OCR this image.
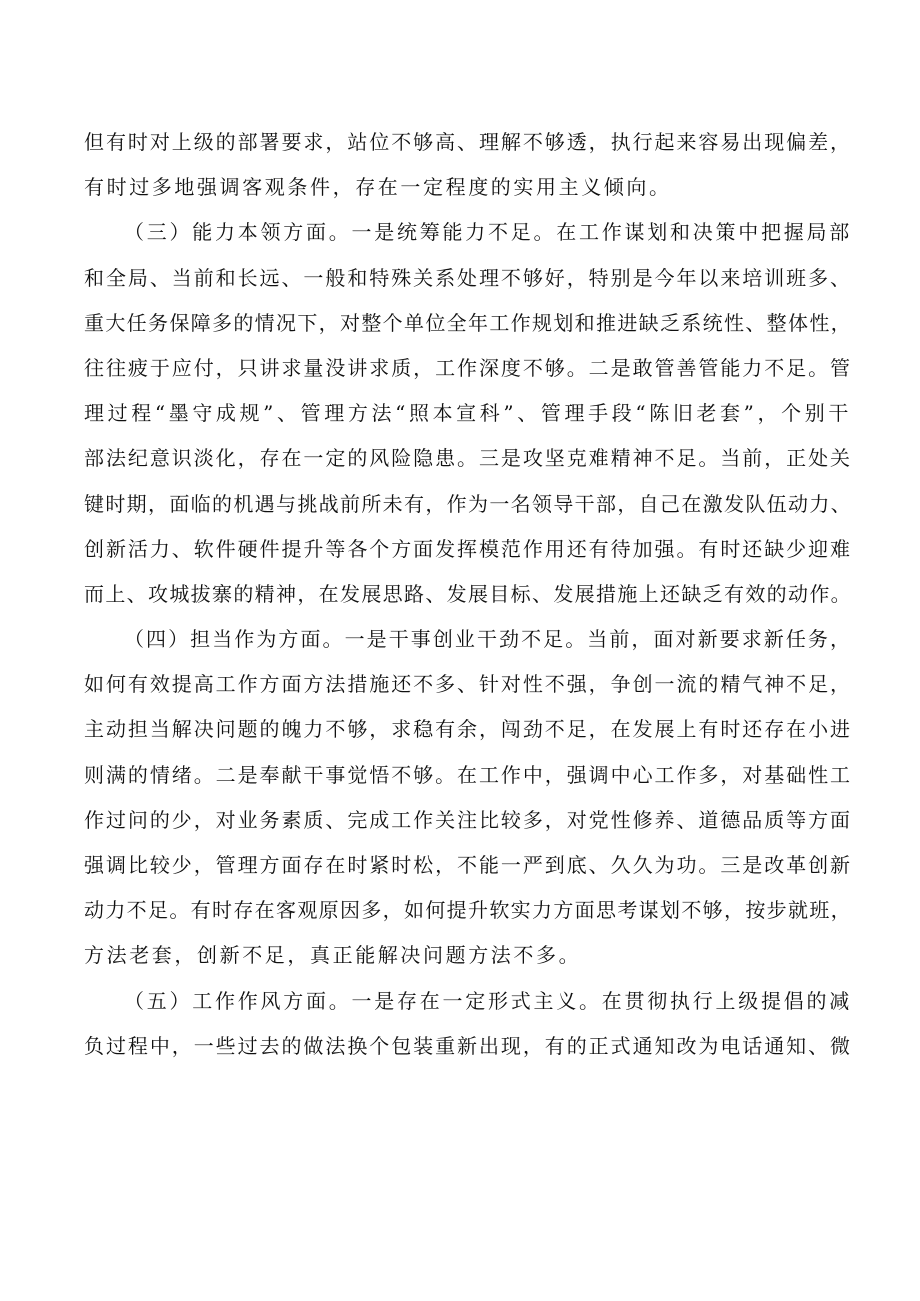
但有时对上级的部署要求，站位不够高、理解不够透，执行起来容易出现偏差，
有时过多地强调客观条件，存在一定程度的实用主义倾向。
（三）能力本领方面。一是统筹能力不足。在工作谋划和决策中把握局部
和全局、当前和长远、一般和特殊关系处理不够好，特别是今年以来培训班多、
重大任务保障多的情况下，对整个单位全年工作规划和推进缺乏系统性、整体性，
往往疲于应付，只讲求量没讲求质，工作深度不够。二是敢管善管能力不足。管
理过程“墨守成规”、管理方法“照本宣科”、管理手段“陈旧老套”，个别干
部法纪意识淡化，存在一定的风险隐患。三是攻坚克难精神不足。当前，正处关
键时期，面临的机遇与挑战前所未有，作为一名领导干部，自己在激发队伍动力、
创新活力、软件硬件提升等各个方面发挥模范作用还有待加强。有时还缺少迎难
而上、攻城拔寨的精神，在发展思路、发展目标、发展措施上还缺乏有效的动作。
（四）担当作为方面。一是干事创业干劲不足。当前，面对新要求新任务，
如何有效提高工作方面方法措施还不多、针对性不强，争创一流的精气神不足，
主动担当解决问题的魄力不够，求稳有余，闯劲不足，在发展上有时还存在小进
则满的情绪。二是奉献干事觉悟不够。在工作中，强调中心工作多，对基础性工
作过问的少，对业务素质、完成工作关注比较多，对党性修养、道德品质等方面
强调比较少，管理方面存在时紧时松，不能一严到底、久久为功。三是改革创新
动力不足。有时存在客观原因多，如何提升软实力方面思考谋划不够，按步就班，
方法老套，创新不足，真正能解决问题方法不多。
（五）工作作风方面。一是存在一定形式主义。在贯彻执行上级提倡的减
负过程中，一些过去的做法换个包装重新出现，有的正式通知改为电话通知、微
